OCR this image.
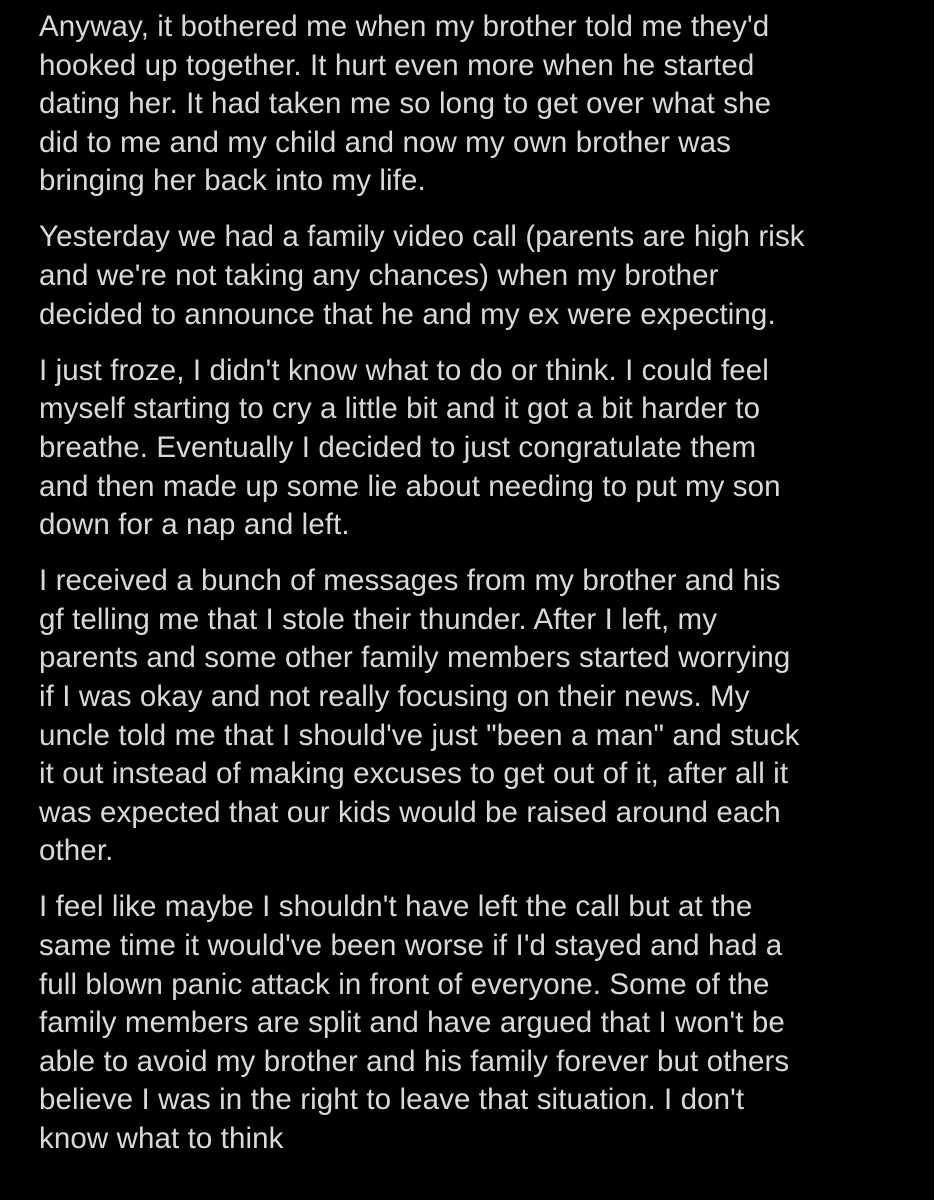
Anyway, it bothered me when my brother told me they'd
hooked up together. It hurt even more when he started
dating her. It had taken me so long to get over what she
did to me and my child and now my own brother was
bringing her back into my life.

Yesterday we had a family video call (parents are high risk
and we're not taking any chances) when my brother
decided to announce that he and my ex were expecting.

I just froze, I didn't know what to do or think. I could feel
myself starting to cry a little bit and it got a bit harder to
breathe. Eventually I decided to just congratulate them
and then made up some lie about needing to put my son
down for a nap and left.

I received a bunch of messages from my brother and his
gf telling me that I stole their thunder. After I left, my
parents and some other family members started worrying
if I was okay and not really focusing on their news. My
uncle told me that I should've just "been a man" and stuck
it out instead of making excuses to get out of it, after all it
was expected that our kids would be raised around each
other.

I feel like maybe I shouldn't have left the call but at the
same time it would've been worse if I'd stayed and had a
full blown panic attack in front of everyone. Some of the
family members are split and have argued that I won't be
able to avoid my brother and his family forever but others
believe I was in the right to leave that situation. I don't
know what to think
